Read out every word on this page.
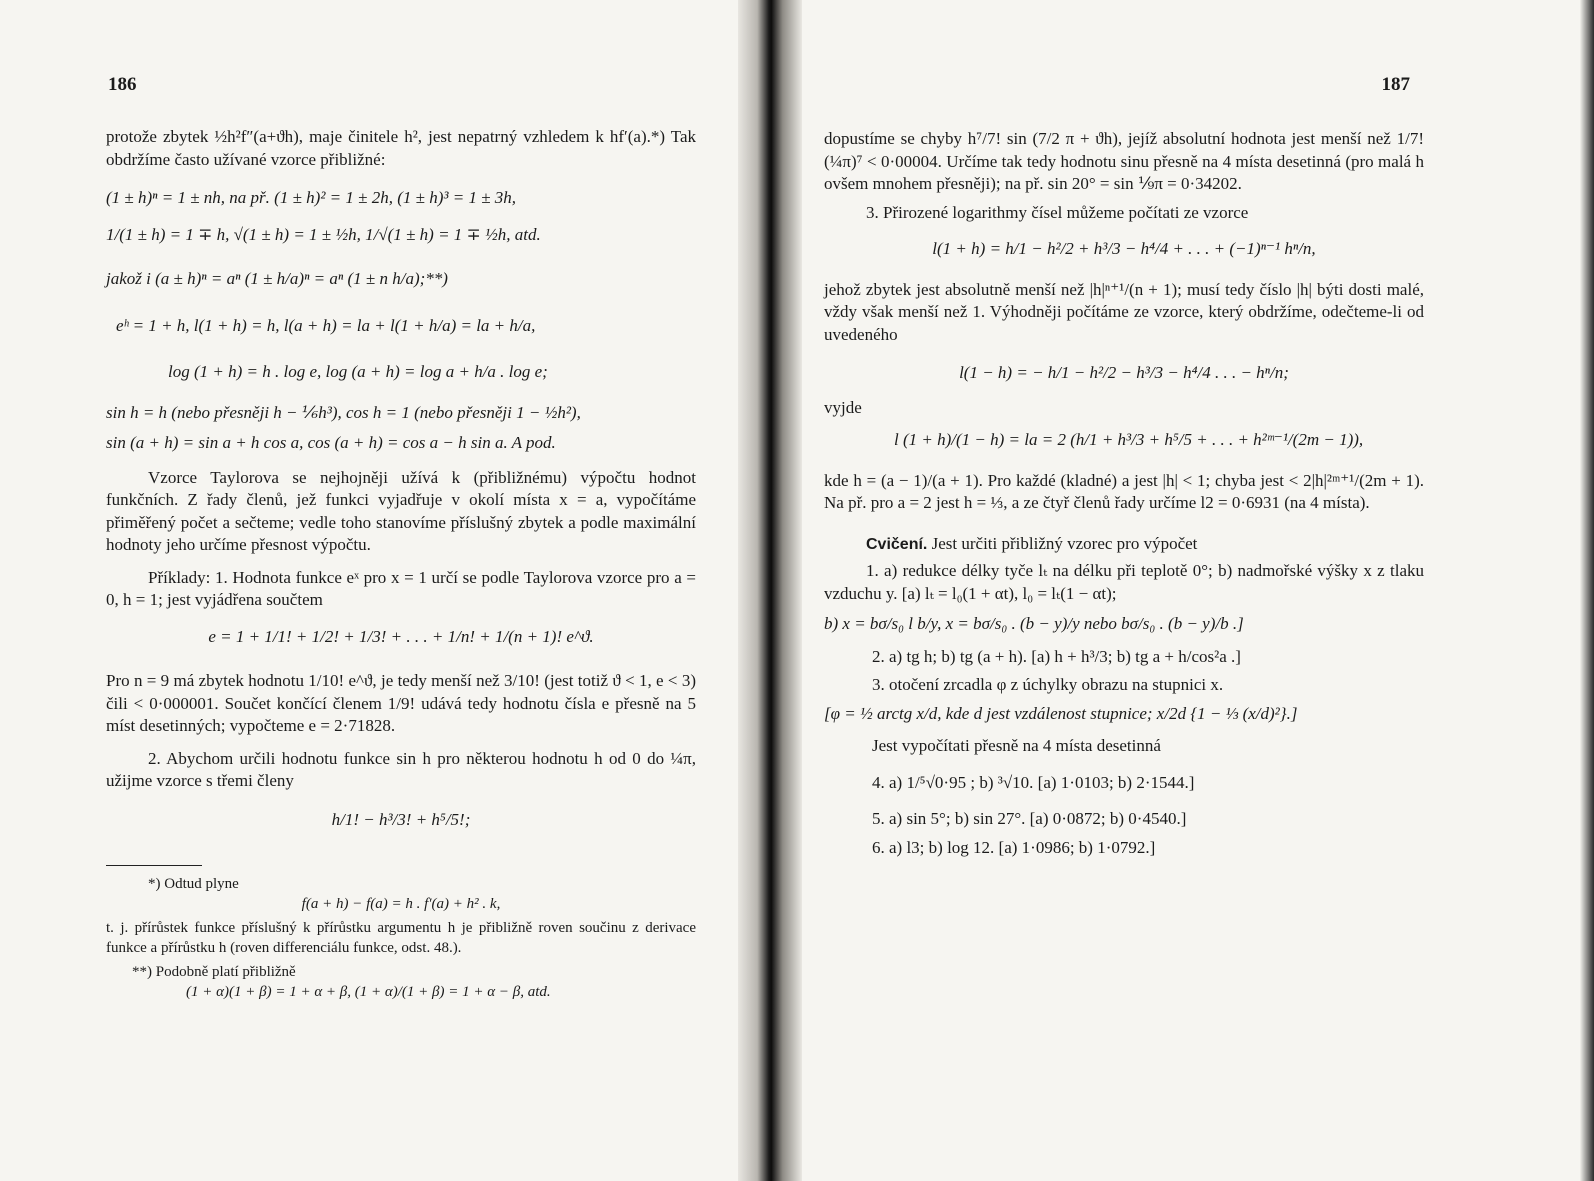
186

protože zbytek ½h²f″(a+ϑh), maje činitele h², jest nepatrný vzhledem k hf′(a).*) Tak obdržíme často užívané vzorce přibližné:

(1 ± h)ⁿ = 1 ± nh, na př. (1 ± h)² = 1 ± 2h, (1 ± h)³ = 1 ± 3h,

1/(1 ± h) = 1 ∓ h, √(1 ± h) = 1 ± ½h, 1/√(1 ± h) = 1 ∓ ½h, atd.

jakož i (a ± h)ⁿ = aⁿ (1 ± h/a)ⁿ = aⁿ (1 ± n h/a);**)

eʰ = 1 + h, l(1 + h) = h, l(a + h) = la + l(1 + h/a) = la + h/a,

log (1 + h) = h . log e, log (a + h) = log a + h/a . log e;

sin h = h (nebo přesněji h − ⅙h³), cos h = 1 (nebo přesněji 1 − ½h²),

sin (a + h) = sin a + h cos a, cos (a + h) = cos a − h sin a. A pod.

Vzorce Taylorova se nejhojněji užívá k (přibližnému) výpočtu hodnot funkčních. Z řady členů, jež funkci vyjadřuje v okolí místa x = a, vypočítáme přiměřený počet a sečteme; vedle toho stanovíme příslušný zbytek a podle maximální hodnoty jeho určíme přesnost výpočtu.

Příklady: 1. Hodnota funkce eˣ pro x = 1 určí se podle Taylorova vzorce pro a = 0, h = 1; jest vyjádřena součtem

e = 1 + 1/1! + 1/2! + 1/3! + . . . + 1/n! + 1/(n + 1)! e^ϑ.

Pro n = 9 má zbytek hodnotu 1/10! e^ϑ, je tedy menší než 3/10! (jest totiž ϑ < 1, e < 3) čili < 0·000001. Součet končící členem 1/9! udává tedy hodnotu čísla e přesně na 5 míst desetinných; vypočteme e = 2·71828.

2. Abychom určili hodnotu funkce sin h pro některou hodnotu h od 0 do ¼π, užijme vzorce s třemi členy

h/1! − h³/3! + h⁵/5!;

*) Odtud plyne

f(a + h) − f(a) = h . f′(a) + h² . k,

t. j. přírůstek funkce příslušný k přírůstku argumentu h je přibližně roven součinu z derivace funkce a přírůstku h (roven differenciálu funkce, odst. 48.).

**) Podobně platí přibližně

(1 + α)(1 + β) = 1 + α + β, (1 + α)/(1 + β) = 1 + α − β, atd.

187

dopustíme se chyby h⁷/7! sin (7/2 π + ϑh), jejíž absolutní hodnota jest menší než 1/7! (¼π)⁷ < 0·00004. Určíme tak tedy hodnotu sinu přesně na 4 místa desetinná (pro malá h ovšem mnohem přesněji); na př. sin 20° = sin ⅑π = 0·34202.

3. Přirozené logarithmy čísel můžeme počítati ze vzorce

l(1 + h) = h/1 − h²/2 + h³/3 − h⁴/4 + . . . + (−1)ⁿ⁻¹ hⁿ/n,

jehož zbytek jest absolutně menší než |h|ⁿ⁺¹/(n + 1); musí tedy číslo |h| býti dosti malé, vždy však menší než 1. Výhodněji počítáme ze vzorce, který obdržíme, odečteme-li od uvedeného

l(1 − h) = − h/1 − h²/2 − h³/3 − h⁴/4 . . . − hⁿ/n;

vyjde

l (1 + h)/(1 − h) = la = 2 (h/1 + h³/3 + h⁵/5 + . . . + h²ᵐ⁻¹/(2m − 1)),

kde h = (a − 1)/(a + 1). Pro každé (kladné) a jest |h| < 1; chyba jest < 2|h|²ᵐ⁺¹/(2m + 1). Na př. pro a = 2 jest h = ⅓, a ze čtyř členů řady určíme l2 = 0·6931 (na 4 místa).

Cvičení. Jest určiti přibližný vzorec pro výpočet

1. a) redukce délky tyče lₜ na délku při teplotě 0°; b) nadmořské výšky x z tlaku vzduchu y. [a) lₜ = l₀(1 + αt), l₀ = lₜ(1 − αt);

b) x = bσ/s₀ l b/y, x = bσ/s₀ . (b − y)/y nebo bσ/s₀ . (b − y)/b .]

2. a) tg h; b) tg (a + h). [a) h + h³/3; b) tg a + h/cos²a .]

3. otočení zrcadla φ z úchylky obrazu na stupnici x.

[φ = ½ arctg x/d, kde d jest vzdálenost stupnice; x/2d {1 − ⅓ (x/d)²}.]

Jest vypočítati přesně na 4 místa desetinná

4. a) 1/⁵√0·95 ; b) ³√10. [a) 1·0103; b) 2·1544.]

5. a) sin 5°; b) sin 27°. [a) 0·0872; b) 0·4540.]

6. a) l3; b) log 12. [a) 1·0986; b) 1·0792.]
